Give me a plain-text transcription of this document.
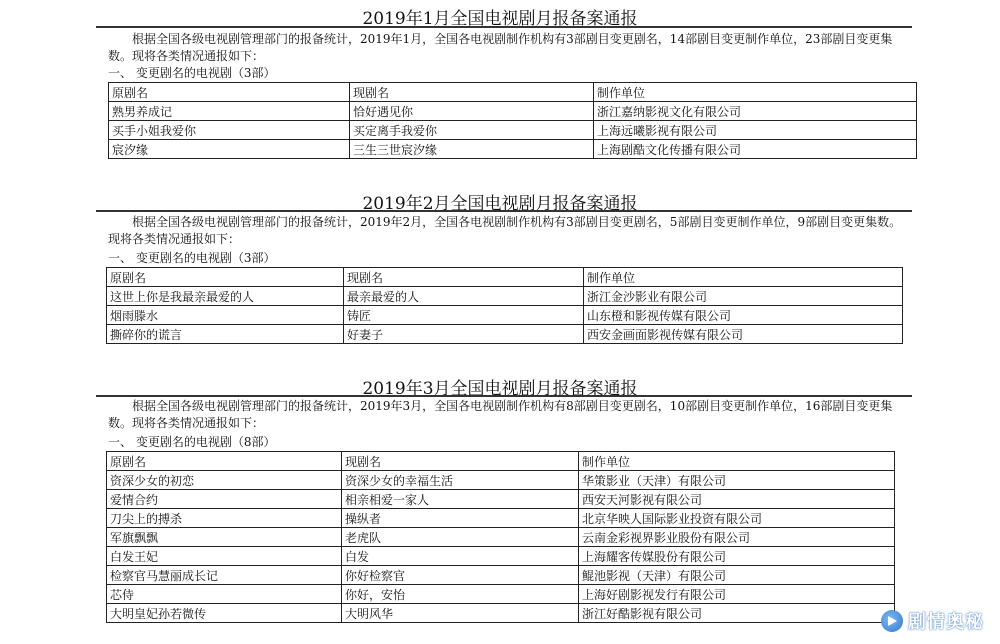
2019年1月全国电视剧月报备案通报

根据全国各级电视剧管理部门的报备统计，2019年1月，全国各电视剧制作机构有3部剧目变更剧名，14部剧目变更制作单位，23部剧目变更集数。现将各类情况通报如下：

一、 变更剧名的电视剧（3部）
原剧名	现剧名	制作单位
熟男养成记	恰好遇见你	浙江嘉纳影视文化有限公司
买手小姐我爱你	买定离手我爱你	上海远曦影视有限公司
宸汐缘	三生三世宸汐缘	上海剧酷文化传播有限公司
2019年2月全国电视剧月报备案通报

根据全国各级电视剧管理部门的报备统计，2019年2月，全国各电视剧制作机构有3部剧目变更剧名，5部剧目变更制作单位，9部剧目变更集数。现将各类情况通报如下：

一、 变更剧名的电视剧（3部）
原剧名	现剧名	制作单位
这世上你是我最亲最爱的人	最亲最爱的人	浙江金沙影业有限公司
烟雨滕水	铸匠	山东橙和影视传媒有限公司
撕碎你的谎言	好妻子	西安金画面影视传媒有限公司
2019年3月全国电视剧月报备案通报

根据全国各级电视剧管理部门的报备统计，2019年3月，全国各电视剧制作机构有8部剧目变更剧名，10部剧目变更制作单位，16部剧目变更集数。现将各类情况通报如下：

一、 变更剧名的电视剧（8部）
原剧名	现剧名	制作单位
资深少女的初恋	资深少女的幸福生活	华策影业（天津）有限公司
爱情合约	相亲相爱一家人	西安天河影视有限公司
刀尖上的搏杀	操纵者	北京华映人国际影业投资有限公司
军旗飘飘	老虎队	云南金彩视界影业股份有限公司
白发王妃	白发	上海耀客传媒股份有限公司
检察官马慧丽成长记	你好检察官	鲲池影视（天津）有限公司
芯侍	你好，安怡	上海好剧影视发行有限公司
大明皇妃孙若微传	大明风华	浙江好酷影视有限公司	剧情奥秘
